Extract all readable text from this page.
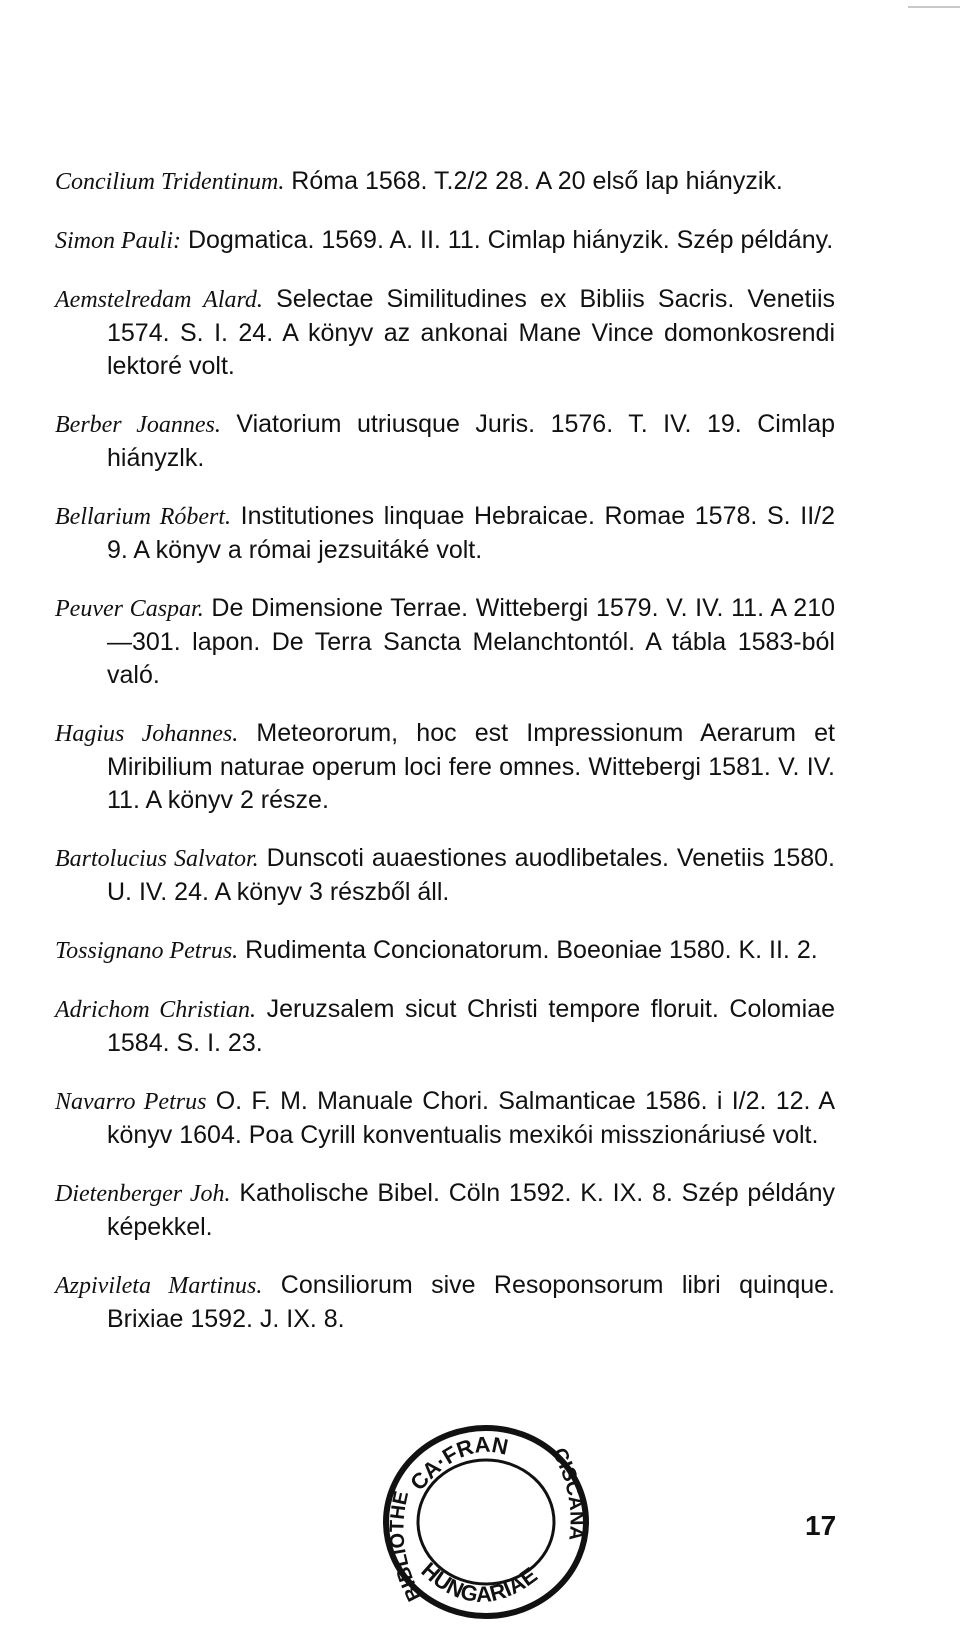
Concilium Tridentinum. Róma 1568. T.2/2 28. A 20 első lap hiányzik.

Simon Pauli: Dogmatica. 1569. A. II. 11. Cimlap hiányzik. Szép példány.

Aemstelredam Alard. Selectae Similitudines ex Bibliis Sacris. Venetiis 1574. S. I. 24. A könyv az ankonai Mane Vince domonkosrendi lektoré volt.

Berber Joannes. Viatorium utriusque Juris. 1576. T. IV. 19. Cimlap hiányzlk.

Bellarium Róbert. Institutiones linquae Hebraicae. Romae 1578. S. II/2 9. A könyv a római jezsuitáké volt.

Peuver Caspar. De Dimensione Terrae. Wittebergi 1579. V. IV. 11. A 210—301. lapon. De Terra Sancta Melanchtontól. A tábla 1583-ból való.

Hagius Johannes. Meteororum, hoc est Impressionum Aerarum et Miribilium naturae operum loci fere omnes. Wittebergi 1581. V. IV. 11. A könyv 2 része.

Bartolucius Salvator. Dunscoti auaestiones auodlibetales. Venetiis 1580. U. IV. 24. A könyv 3 részből áll.

Tossignano Petrus. Rudimenta Concionatorum. Boeoniae 1580. K. II. 2.

Adrichom Christian. Jeruzsalem sicut Christi tempore floruit. Colomiae 1584. S. I. 23.

Navarro Petrus O. F. M. Manuale Chori. Salmanticae 1586. i I/2. 12. A könyv 1604. Poa Cyrill konventualis mexikói misszionáriusé volt.

Dietenberger Joh. Katholische Bibel. Cöln 1592. K. IX. 8. Szép példány képekkel.

Azpivileta Martinus. Consiliorum sive Resoponsorum libri quinque. Brixiae 1592. J. IX. 8.

CA·FRAN
BIBLIOTHE
CISCANA
HUNGARIAE
17
